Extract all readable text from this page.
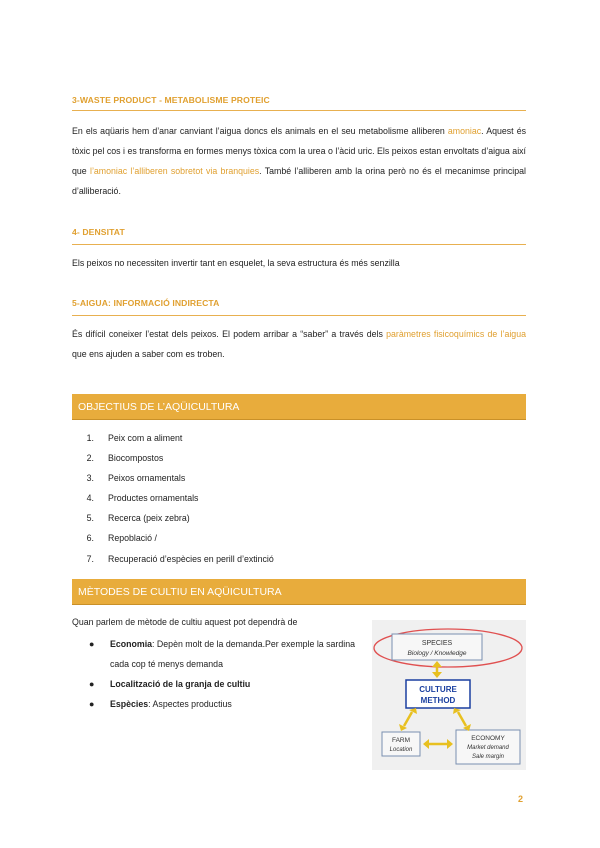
3-WASTE PRODUCT - METABOLISME PROTEIC
En els aqüaris hem d’anar canviant l’aigua doncs els animals en el seu metabolisme alliberen amoniac. Aquest és tòxic pel cos i es transforma en formes menys tòxica com la urea o l’àcid uric. Els peixos estan envoltats d’aigua així que l’amoniac l’alliberen sobretot via branquies. També l’alliberen amb la orina però no és el mecanimse principal d’alliberació.
4- DENSITAT
Els peixos no necessiten invertir tant en esquelet, la seva estructura és més senzilla
5-AIGUA: INFORMACIÓ INDIRECTA
És difícil coneixer l’estat dels peixos. El podem arribar a “saber” a través dels paràmetres fisicoquímics de l’aigua que ens ajuden a saber com es troben.
OBJECTIUS DE L’AQÜICULTURA
1. Peix com a aliment
2. Biocompostos
3. Peixos ornamentals
4. Productes ornamentals
5. Recerca (peix zebra)
6. Repoblació /
7. Recuperació d’espècies en perill d’extinció
MÈTODES DE CULTIU EN AQÜICULTURA
Quan parlem de mètode de cultiu aquest pot dependrà de
● Economia: Depèn molt de la demanda.Per exemple la sardina cada cop té menys demanda
● Localització de la granja de cultiu
● Espècies: Aspectes productius
SPECIES
Biology / Knowledge
CULTURE
METHOD
FARM
Location
ECONOMY
Market demand
Sale margin
2
